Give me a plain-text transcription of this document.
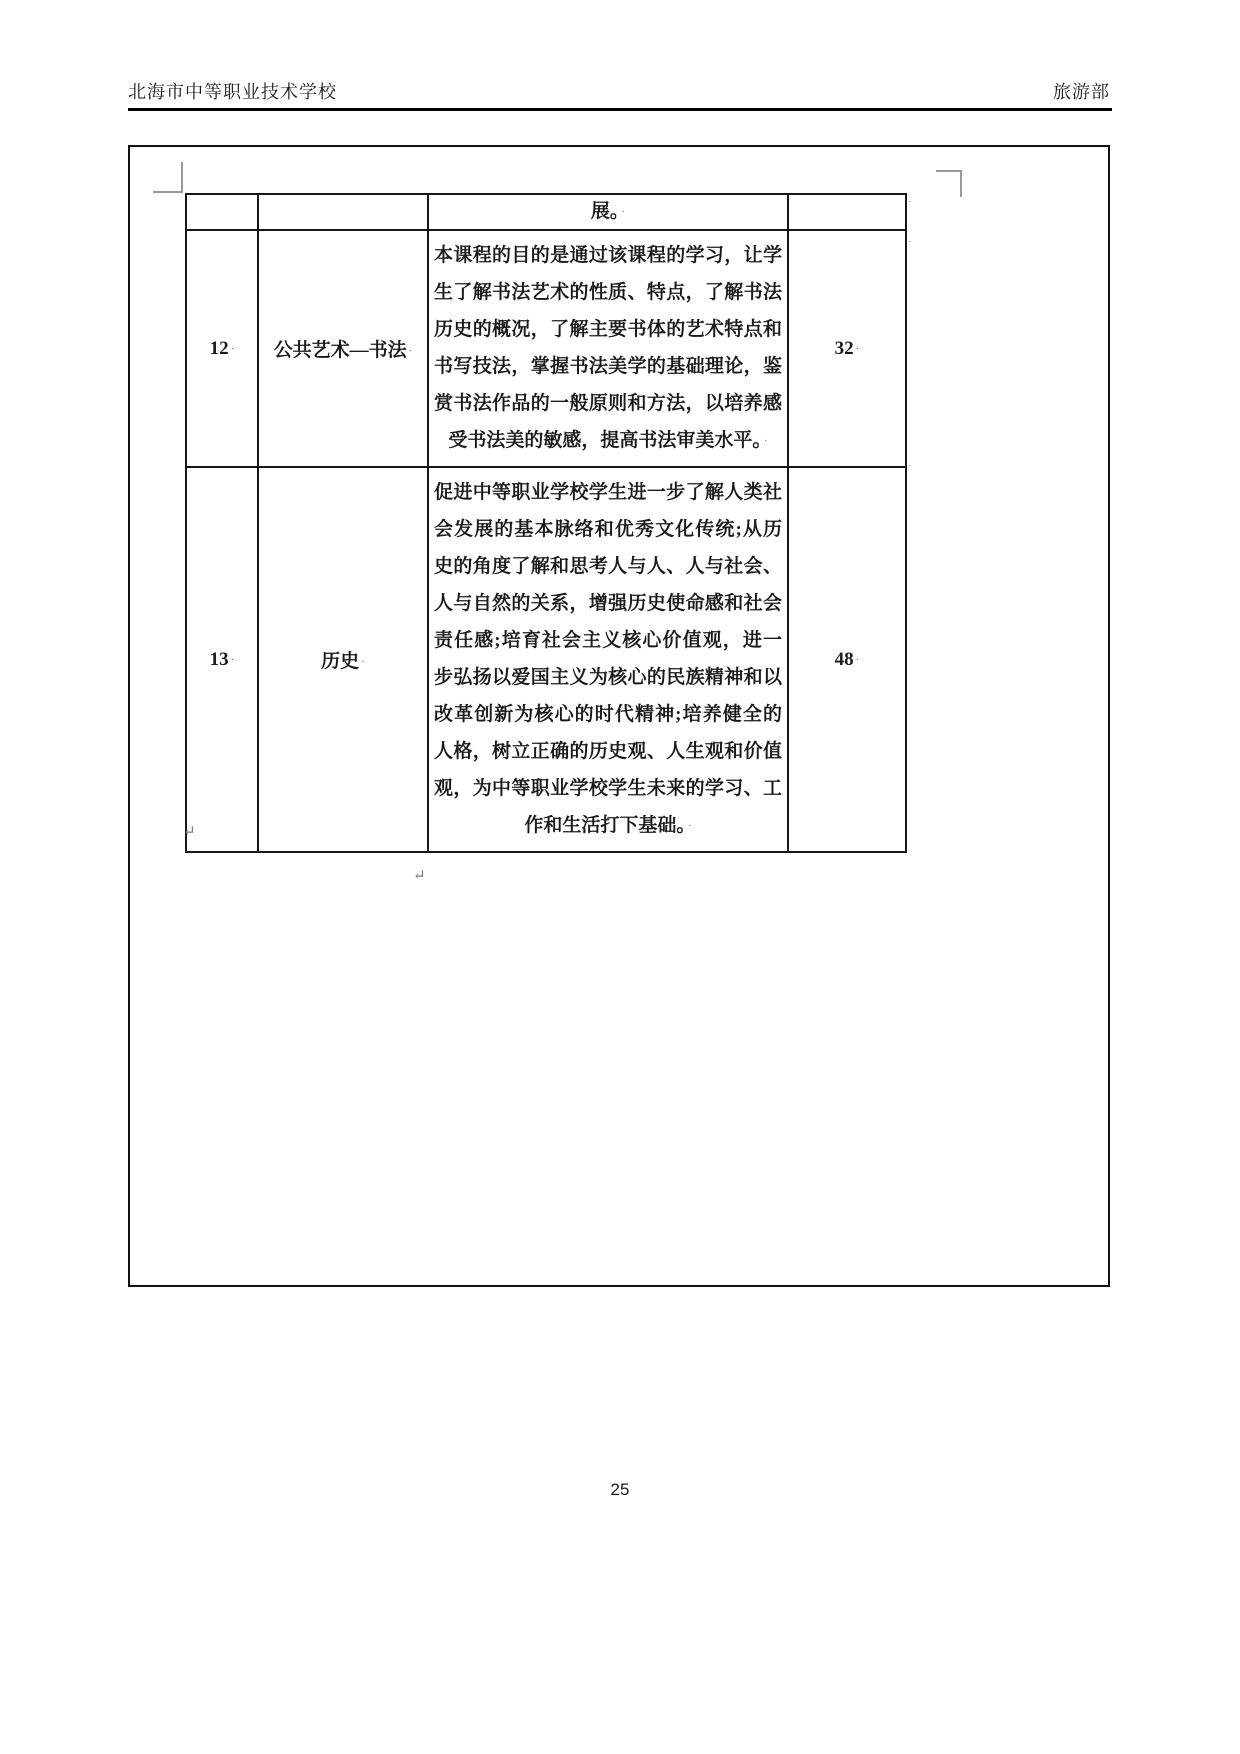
北海市中等职业技术学校	旅游部
		展。 ·	
12 ·	公共艺术—书法 ·	本课程的目的是通过该课程的学习，让学生了解书法艺术的性质、特点，了解书法历史的概况，了解主要书体的艺术特点和书写技法，掌握书法美学的基础理论，鉴赏书法作品的一般原则和方法，以培养感受书法美的敏感，提高书法审美水平。 ·	32 ·
13 ·	历史 ·	促进中等职业学校学生进一步了解人类社会发展的基本脉络和优秀文化传统;从历史的角度了解和思考人与人、人与社会、人与自然的关系，增强历史使命感和社会责任感;培育社会主义核心价值观，进一步弘扬以爱国主义为核心的民族精神和以改革创新为核心的时代精神;培养健全的人格，树立正确的历史观、人生观和价值观，为中等职业学校学生未来的学习、工作和生活打下基础。 ·	48 ·
↵
↵
·
·
·
25
